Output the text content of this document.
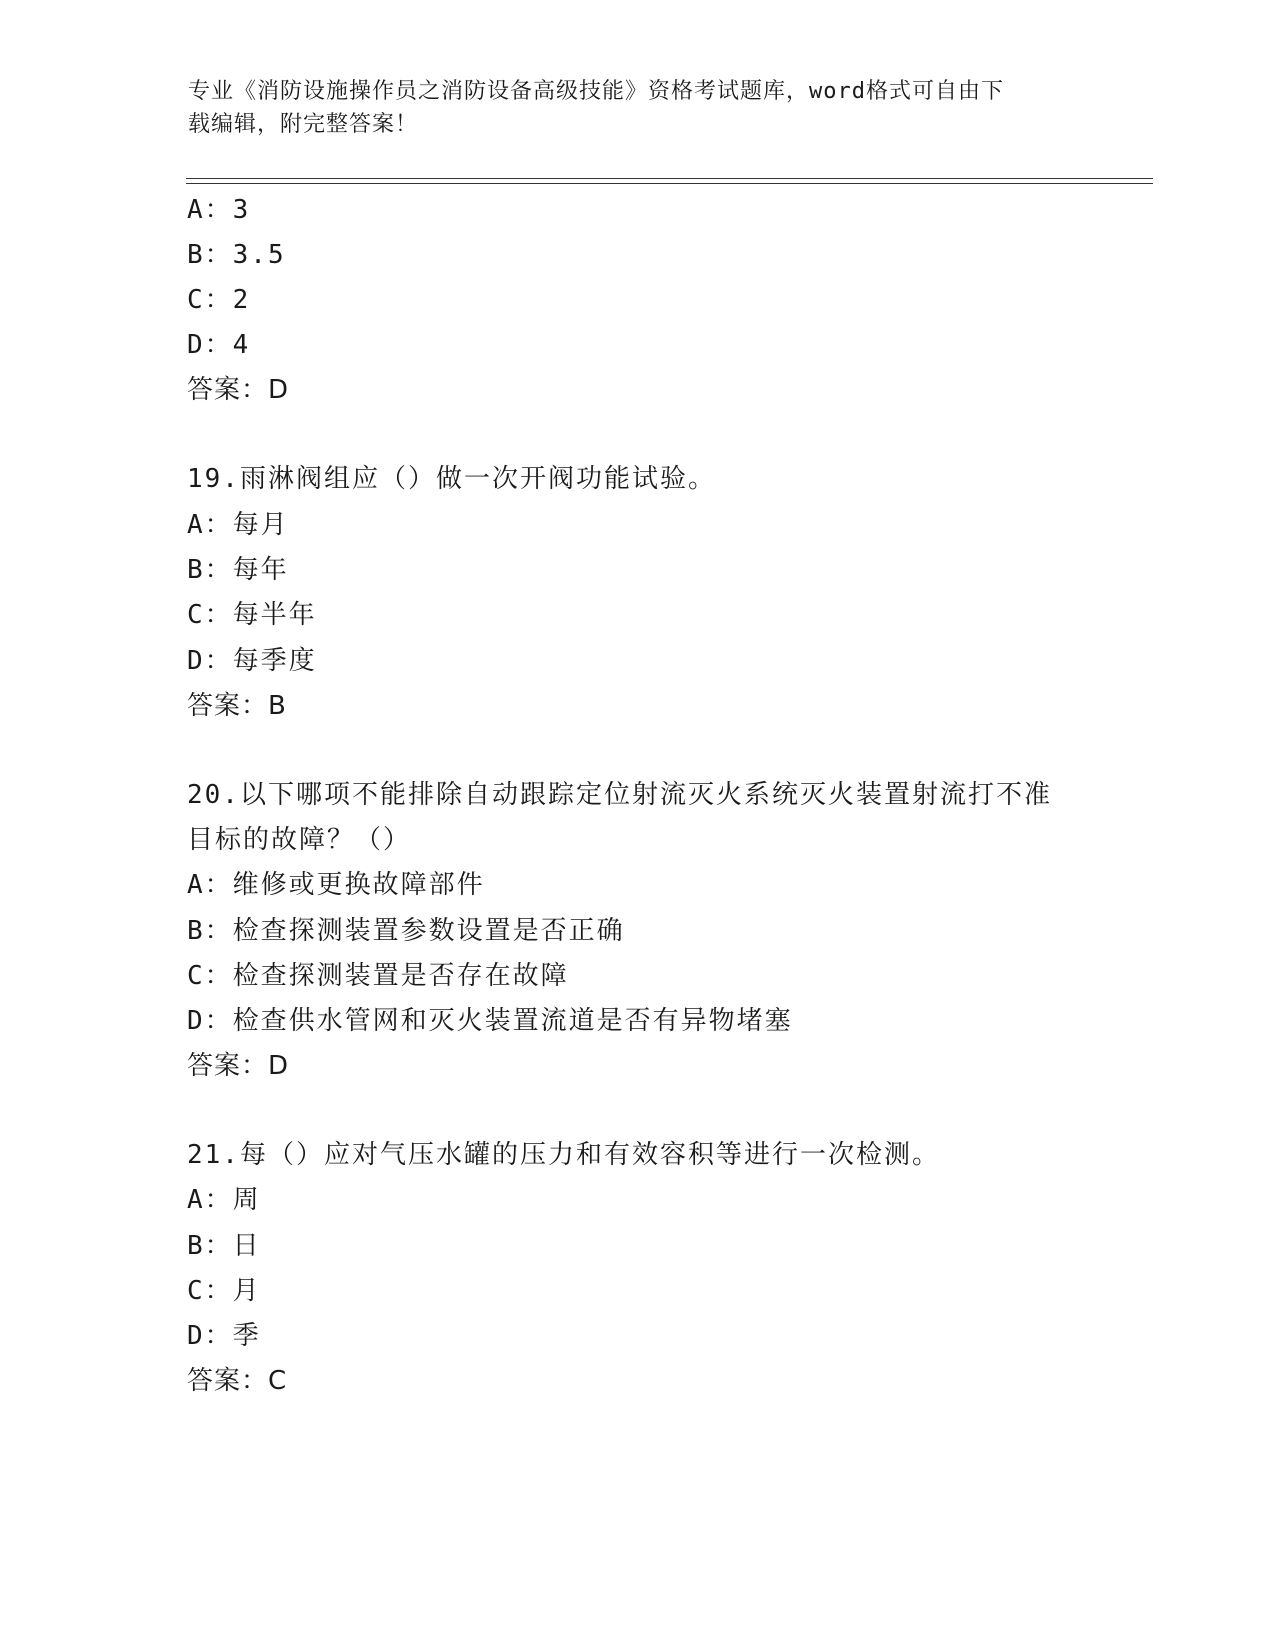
专业《消防设施操作员之消防设备高级技能》资格考试题库，word格式可自由下
载编辑，附完整答案！
A：3
B：3.5
C：2
D：4
答案：D
19.雨淋阀组应（）做一次开阀功能试验。
A：每月
B：每年
C：每半年
D：每季度
答案：B
20.以下哪项不能排除自动跟踪定位射流灭火系统灭火装置射流打不准
目标的故障？（）
A：维修或更换故障部件
B：检查探测装置参数设置是否正确
C：检查探测装置是否存在故障
D：检查供水管网和灭火装置流道是否有异物堵塞
答案：D
21.每（）应对气压水罐的压力和有效容积等进行一次检测。
A：周
B：日
C：月
D：季
答案：C
